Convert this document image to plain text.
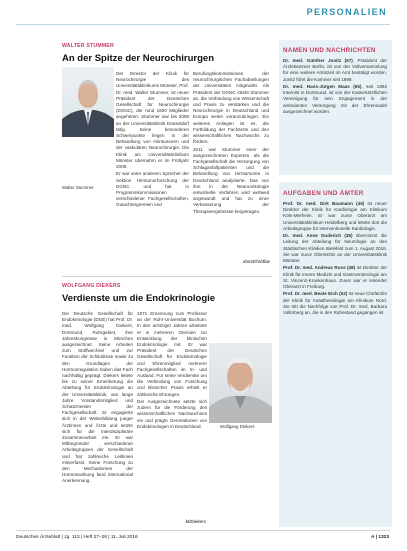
PERSONALIEN
WALTER STUMMER
An der Spitze der Neurochirurgen
Walter Stummer

Der Direktor der Klinik für Neurochirurgie des Universitätsklinikums Münster, Prof. Dr. med. Walter Stummer, ist neuer Präsident der Deutschen Gesellschaft für Neurochirurgie (DGNC), der rund 1600 Mitglieder angehören. Stummer war bis 2009 an der Universitätsklinik Düsseldorf tätig. Seine besonderen Schwerpunkte liegen in der Behandlung von Hirntumoren und der vaskulären Neurochirurgie. Die Klinik am Universitätsklinikum Münster übernahm er im Frühjahr 2009.

Er war unter anderem Sprecher der Sektion Hirntumorforschung der DGNC und hat in Programmkommissionen verschiedener Fachgesellschaften, Gutachtergremien und

Berufungskommissionen der neurochirurgischen Fachabteilungen der Universitäten mitgewirkt. Als Präsident der DGNC strebt Stummer an, die Verbindung von Wissenschaft und Praxis zu verstärken und die Neurochirurgie in Deutschland und Europa weiter voranzubringen. Ein weiteres Anliegen ist es, die Fortbildung der Fachärzte und den wissenschaftlichen Nachwuchs zu fördern.

2011 war Stummer einer der ausgezeichneten Experten, als die Fachgesellschaft die Versorgung von Schlaganfallpatienten und die Behandlung von Hirntumoren in Deutschland analysierte. Das von ihm in der Neuroonkologie entwickelte Verfahren wird weltweit angewandt und hat zu einer Verbesserung der Therapieergebnisse beigetragen.

dom/Ehr/dbw
WOLFGANG DIEKERS
Verdienste um die Endokrinologie

Die Deutsche Gesellschaft für Endokrinologie (DGE) hat Prof. Dr. med. Wolfgang Diekers, Dortmund, Ruhrgebiet, ihre Jahreskongresse in München ausgezeichnet. Seine Arbeiten zum Stoffwechsel und zur Funktion der Schilddrüse sowie zu den Grundlagen der Hormonregulation haben das Fach nachhaltig geprägt. Diekers leitete bis zu seiner Emeritierung die Abteilung für Endokrinologie an der Universitätsklinik, war lange Jahre Vorstandsmitglied und Schatzmeister der Fachgesellschaft. Er engagierte sich in der Weiterbildung junger Ärztinnen und Ärzte und setzte sich für die interdisziplinäre Zusammenarbeit ein. Er war Mitbegründer verschiedener Arbeitsgruppen der Gesellschaft und hat zahlreiche Leitlinien mitverfasst. Seine Forschung zu den Mechanismen der Hormonwirkung fand international Anerkennung.

1971 Ernennung zum Professor an der Ruhr-Universität Bochum. In den achtziger Jahren arbeitete er in mehreren Gremien zur Entwicklung der klinischen Endokrinologie mit. Er war Präsident der Deutschen Gesellschaft für Endokrinologie und Ehrenmitglied mehrerer Fachgesellschaften im In- und Ausland. Für seine Verdienste um die Verbindung von Forschung und klinischer Praxis erhielt er zahlreiche Ehrungen.

Der Ausgezeichnete setzte sich zudem für die Förderung des wissenschaftlichen Nachwuchses ein und prägte Generationen von Endokrinologen in Deutschland.

kt/Diekers
Wolfgang Diekers
NAMEN UND NACHRICHTEN

Dr. med. Günther Jonitz (57), Präsident der Ärztekammer Berlin, ist von der Vollversammlung für eine weitere Amtszeit im Amt bestätigt worden. Jonitz führt die Kammer seit 1999.

Dr. med. Hans-Jürgen Maas (65), seit 1992 Internist in Dortmund, ist von der Kassenärztlichen Vereinigung für sein Engagement in der ambulanten Versorgung mit der Ehrennadel ausgezeichnet worden.

AUFGABEN UND ÄMTER

Prof. Dr. med. Dirk Baumann (45) ist neuer Direktor der Klinik für Kardiologie am Klinikum Köln-Merheim. Er war zuvor Oberarzt am Universitätsklinikum Heidelberg und leitete dort die Arbeitsgruppe für interventionelle Kardiologie.

Dr. med. Anne Duderich (38) übernimmt die Leitung der Abteilung für Neurologie an den Städtischen Kliniken Bielefeld zum 1. August 2016. Sie war zuvor Oberärztin an der Universitätsklinik Münster.

Prof. Dr. med. Andreas Ross (48) ist Direktor der Klinik für Innere Medizin und Gastroenterologie am St. Vincenz-Krankenhaus. Zuvor war er leitender Oberarzt in Freiburg.

Prof. Dr. med. Beate Eich (52) ist neue Chefärztin der Klinik für Anästhesiologie am Klinikum Nord. Sie tritt die Nachfolge von Prof. Dr. med. Barbara Vollmberg an, die in den Ruhestand gegangen ist.

Deutsches Ärzteblatt | Jg. 113 | Heft 27–28 | 11. Juli 2016	A | 1323
